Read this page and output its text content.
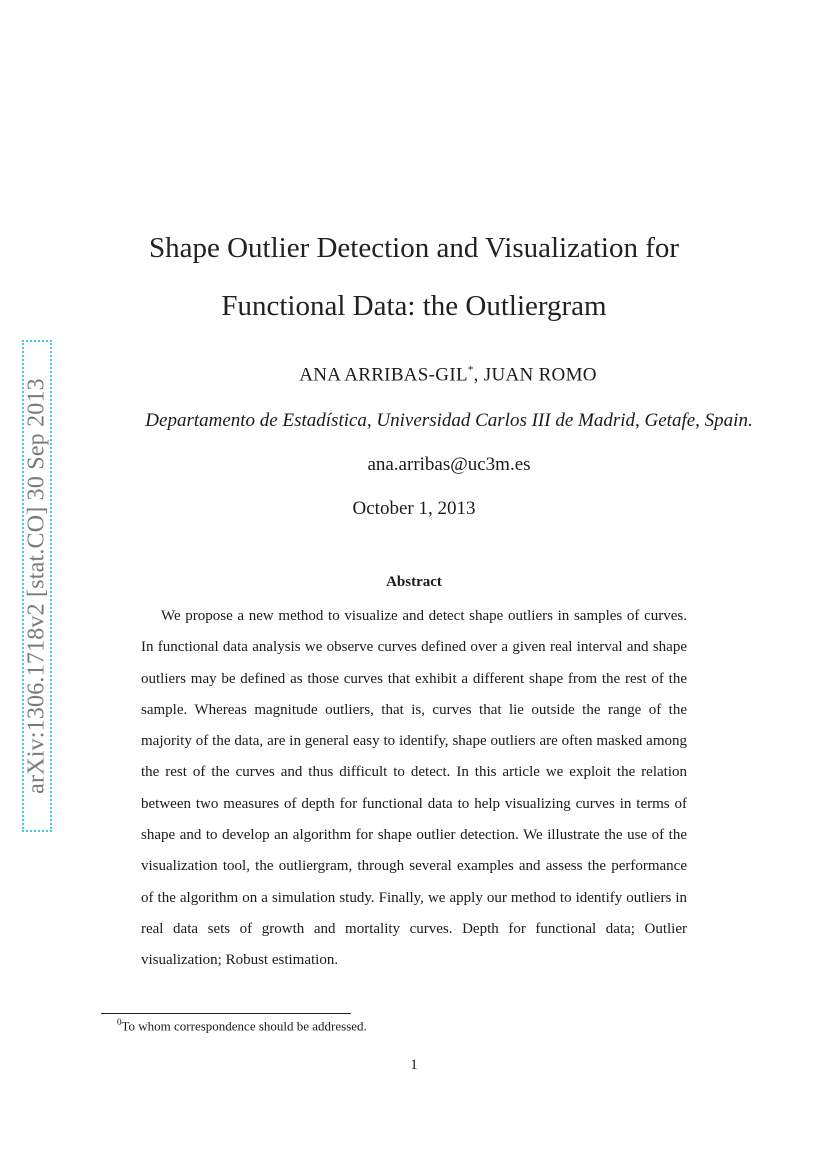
arXiv:1306.1718v2 [stat.CO] 30 Sep 2013
Shape Outlier Detection and Visualization for
Functional Data: the Outliergram
ANA ARRIBAS-GIL*, JUAN ROMO
Departamento de Estadística, Universidad Carlos III de Madrid, Getafe, Spain.
ana.arribas@uc3m.es
October 1, 2013
Abstract

We propose a new method to visualize and detect shape outliers in samples of curves. In functional data analysis we observe curves defined over a given real interval and shape outliers may be defined as those curves that exhibit a different shape from the rest of the sample. Whereas magnitude outliers, that is, curves that lie outside the range of the majority of the data, are in general easy to identify, shape outliers are often masked among the rest of the curves and thus difficult to detect. In this article we exploit the relation between two measures of depth for functional data to help visualizing curves in terms of shape and to develop an algorithm for shape outlier detection. We illustrate the use of the visualization tool, the outliergram, through several examples and assess the performance of the algorithm on a simulation study. Finally, we apply our method to identify outliers in real data sets of growth and mortality curves. Depth for functional data; Outlier visualization; Robust estimation.

$^0$To whom correspondence should be addressed.
1
